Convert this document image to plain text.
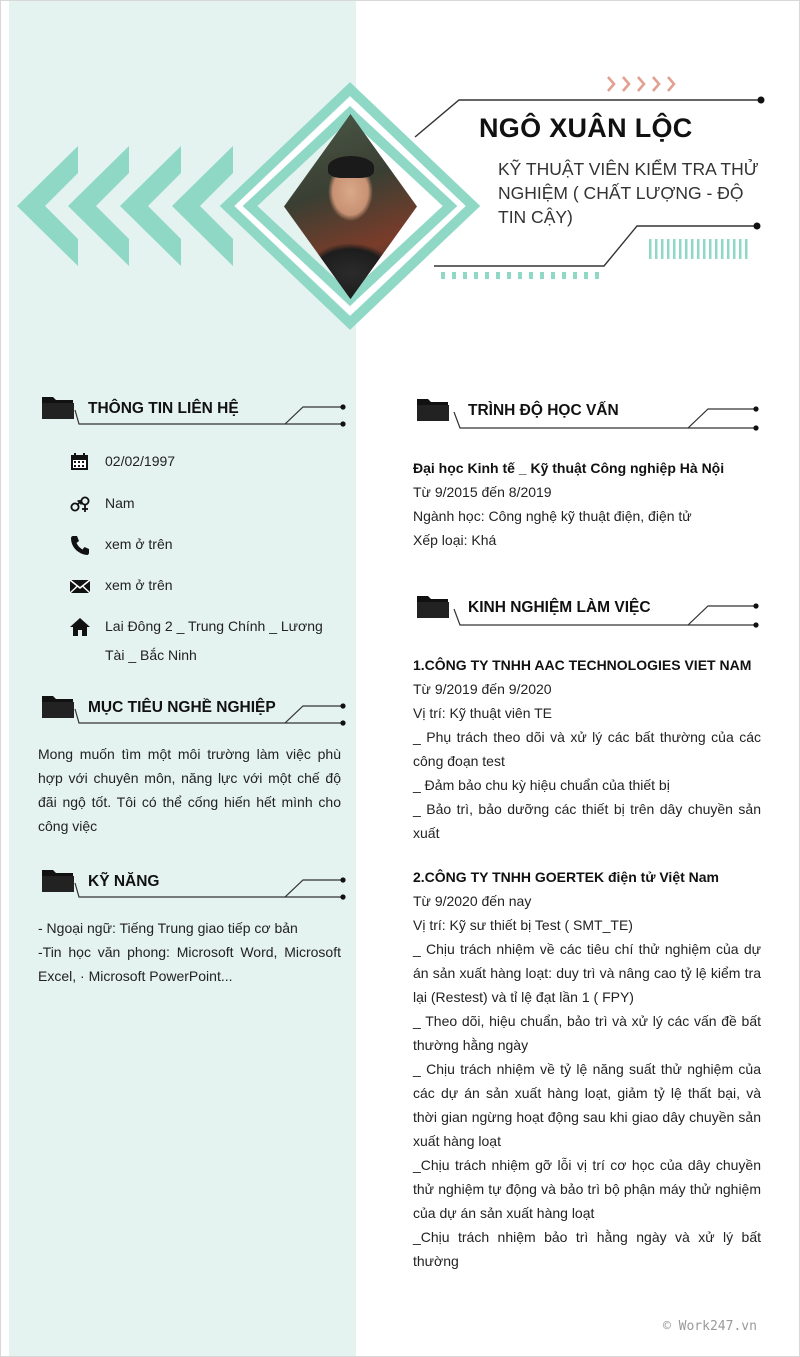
NGÔ XUÂN LỘC
KỸ THUẬT VIÊN KIỂM TRA THỬ NGHIỆM ( CHẤT LƯỢNG - ĐỘ TIN CẬY)
THÔNG TIN LIÊN HỆ
02/02/1997
Nam
xem ở trên
xem ở trên
Lai Đông 2 _ Trung Chính _ Lương Tài _ Bắc Ninh
MỤC TIÊU NGHỀ NGHIỆP
Mong muốn tìm một môi trường làm việc phù hợp với chuyên môn, năng lực với một chế độ đãi ngộ tốt. Tôi có thể cống hiến hết mình cho công việc
KỸ NĂNG
- Ngoại ngữ: Tiếng Trung giao tiếp cơ bản
-Tin học văn phong: Microsoft Word, Microsoft Excel, · Microsoft PowerPoint...
TRÌNH ĐỘ HỌC VẤN
Đại học Kinh tế _ Kỹ thuật Công nghiệp Hà Nội
Từ 9/2015 đến 8/2019
Ngành học: Công nghệ kỹ thuật điện, điện tử
Xếp loại: Khá
KINH NGHIỆM LÀM VIỆC
1.CÔNG TY TNHH AAC TECHNOLOGIES VIET NAM
Từ 9/2019 đến 9/2020
Vị trí: Kỹ thuật viên TE
_ Phụ trách theo dõi và xử lý các bất thường của các công đoạn test
_ Đảm bảo chu kỳ hiệu chuẩn của thiết bị
_ Bảo trì, bảo dưỡng các thiết bị trên dây chuyền sản xuất
2.CÔNG TY TNHH GOERTEK điện tử Việt Nam
Từ 9/2020 đến nay
Vị trí: Kỹ sư thiết bị Test ( SMT_TE)
_ Chịu trách nhiệm về các tiêu chí thử nghiệm của dự án sản xuất hàng loạt: duy trì và nâng cao tỷ lệ kiểm tra lại (Restest) và tỉ lệ đạt lần 1 ( FPY)
_ Theo dõi, hiệu chuẩn, bảo trì và xử lý các vấn đề bất thường hằng ngày
_ Chịu trách nhiệm về tỷ lệ năng suất thử nghiệm của các dự án sản xuất hàng loạt, giảm tỷ lệ thất bại, và thời gian ngừng hoạt động sau khi giao dây chuyền sản xuất hàng loạt
_Chịu trách nhiệm gỡ lỗi vị trí cơ học của dây chuyền thử nghiệm tự động và bảo trì bộ phận máy thử nghiệm của dự án sản xuất hàng loạt
_Chịu trách nhiệm bảo trì hằng ngày và xử lý bất thường
© Work247.vn
